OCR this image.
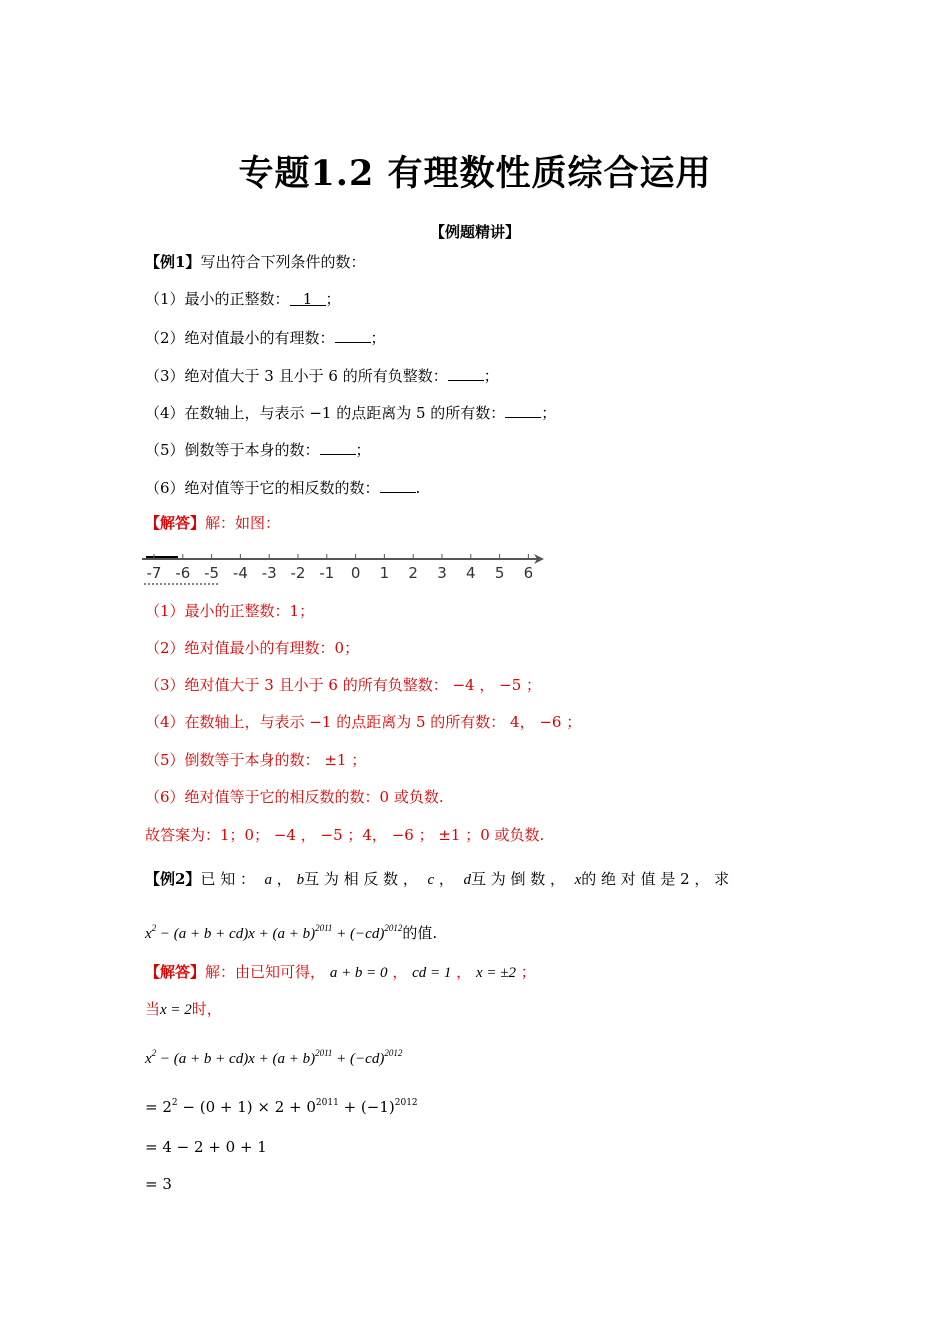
专题1.2 有理数性质综合运用
【例题精讲】
【例1】写出符合下列条件的数：
（1）最小的正整数： 1 ；
（2）绝对值最小的有理数： ；
（3）绝对值大于 3 且小于 6 的所有负整数： ；
（4）在数轴上，与表示 −1 的点距离为 5 的所有数： ；
（5）倒数等于本身的数： ；
（6）绝对值等于它的相反数的数： .
【解答】解：如图：
-7 -6 -5 -4 -3 -2 -1 0 1 2 3 4 5 6
（1）最小的正整数：1；
（2）绝对值最小的有理数：0；
（3）绝对值大于 3 且小于 6 的所有负整数： −4 ， −5 ；
（4）在数轴上，与表示 −1 的点距离为 5 的所有数： 4， −6 ；
（5）倒数等于本身的数： ±1 ；
（6）绝对值等于它的相反数的数：0 或负数.
故答案为：1；0； −4 ， −5 ；4， −6 ； ±1 ；0 或负数.
【例2】已 知 ： a ， b互 为 相 反 数 ， c ，  d互 为 倒 数 ， x的 绝 对 值 是 2 ， 求
$x^2 - (a + b + cd)x + (a + b)^{2011} + (-cd)^{2012}$的值.
【解答】解：由已知可得， a + b = 0 ， cd = 1 ， x = ±2 ；
当x = 2时，
$x^2 - (a + b + cd)x + (a + b)^{2011} + (-cd)^{2012}$
= $2^2 - (0 + 1) \times 2 + 0^{2011} + (-1)^{2012}$
= 4 − 2 + 0 + 1
= 3
